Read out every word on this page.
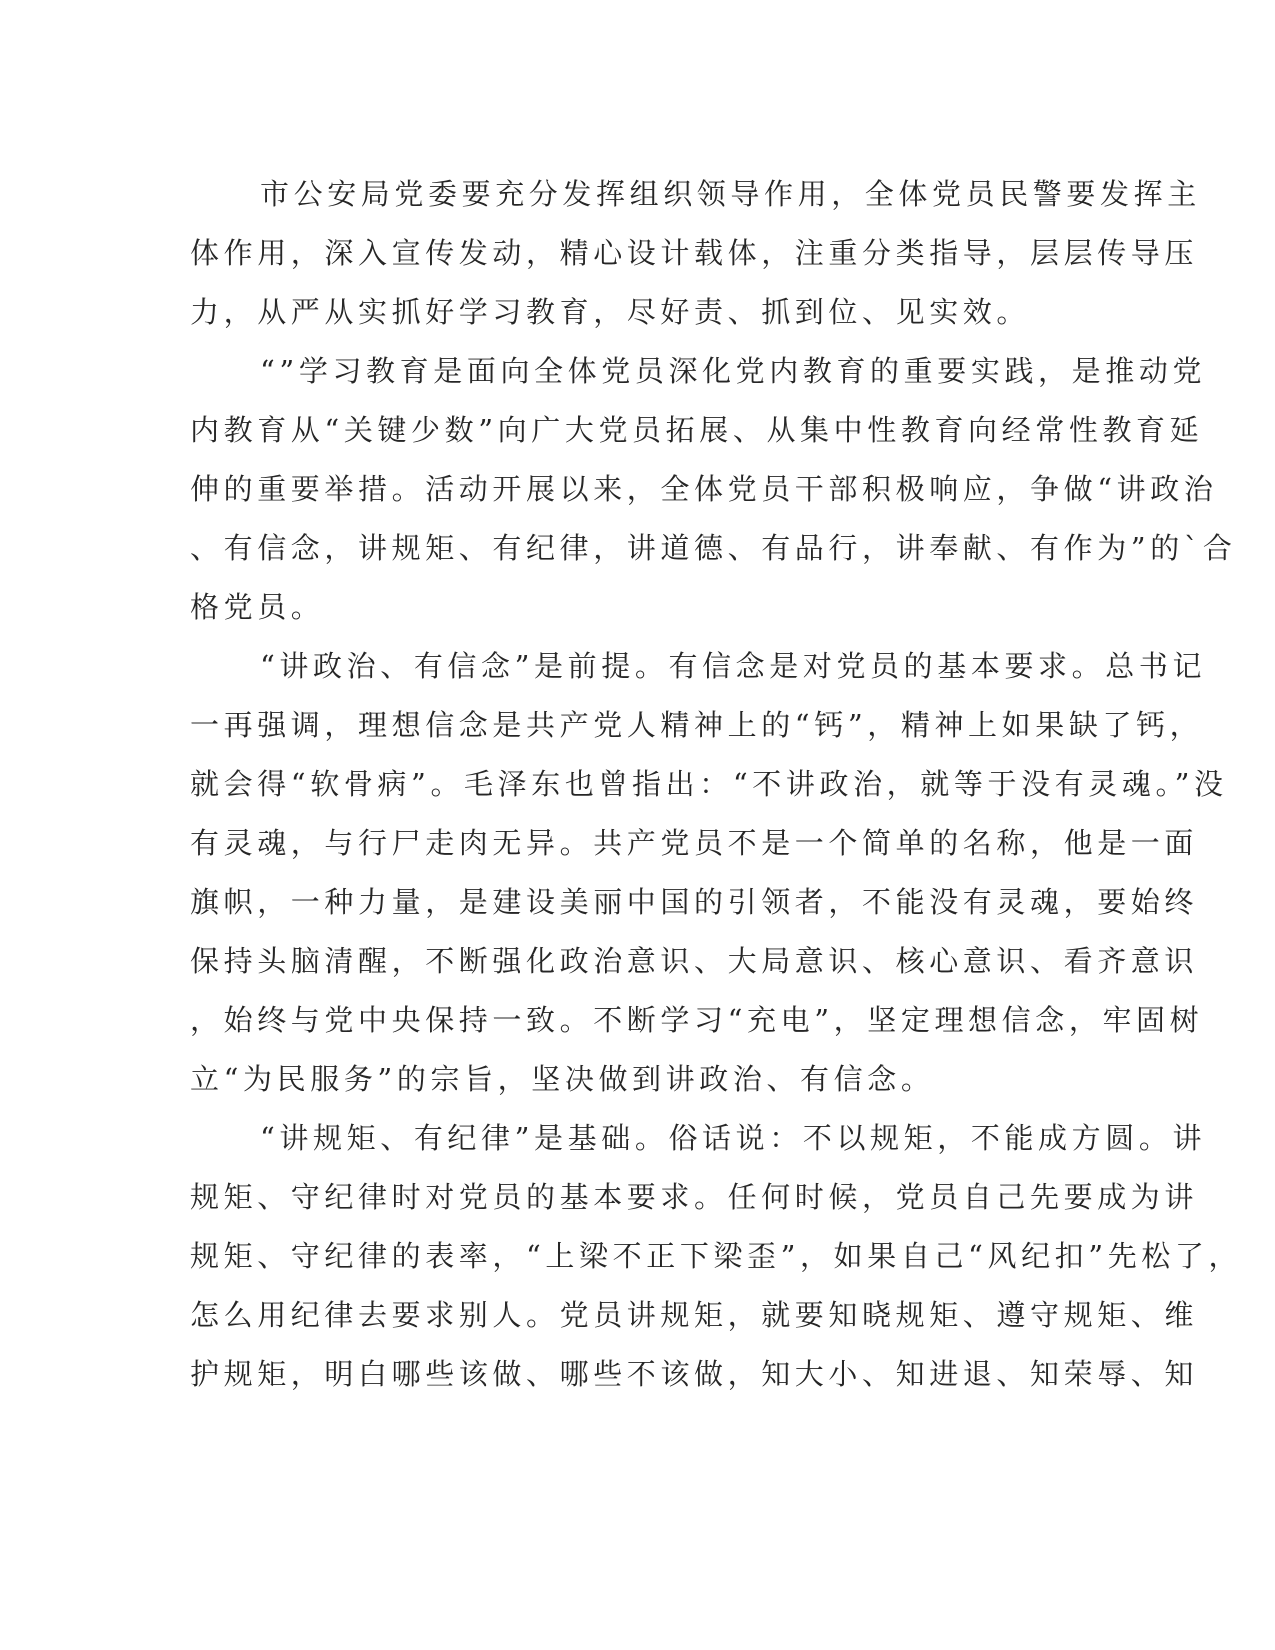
市公安局党委要充分发挥组织领导作用，全体党员民警要发挥主
体作用，深入宣传发动，精心设计载体，注重分类指导，层层传导压
力，从严从实抓好学习教育，尽好责、抓到位、见实效。
“”学习教育是面向全体党员深化党内教育的重要实践，是推动党
内教育从“关键少数”向广大党员拓展、从集中性教育向经常性教育延
伸的重要举措。活动开展以来，全体党员干部积极响应，争做“讲政治
、有信念，讲规矩、有纪律，讲道德、有品行，讲奉献、有作为”的`合
格党员。
“讲政治、有信念”是前提。有信念是对党员的基本要求。总书记
一再强调，理想信念是共产党人精神上的“钙”，精神上如果缺了钙，
就会得“软骨病”。毛泽东也曾指出：“不讲政治，就等于没有灵魂。”没
有灵魂，与行尸走肉无异。共产党员不是一个简单的名称，他是一面
旗帜，一种力量，是建设美丽中国的引领者，不能没有灵魂，要始终
保持头脑清醒，不断强化政治意识、大局意识、核心意识、看齐意识
，始终与党中央保持一致。不断学习“充电”，坚定理想信念，牢固树
立“为民服务”的宗旨，坚决做到讲政治、有信念。
“讲规矩、有纪律”是基础。俗话说：不以规矩，不能成方圆。讲
规矩、守纪律时对党员的基本要求。任何时候，党员自己先要成为讲
规矩、守纪律的表率，“上梁不正下梁歪”，如果自己“风纪扣”先松了，
怎么用纪律去要求别人。党员讲规矩，就要知晓规矩、遵守规矩、维
护规矩，明白哪些该做、哪些不该做，知大小、知进退、知荣辱、知
